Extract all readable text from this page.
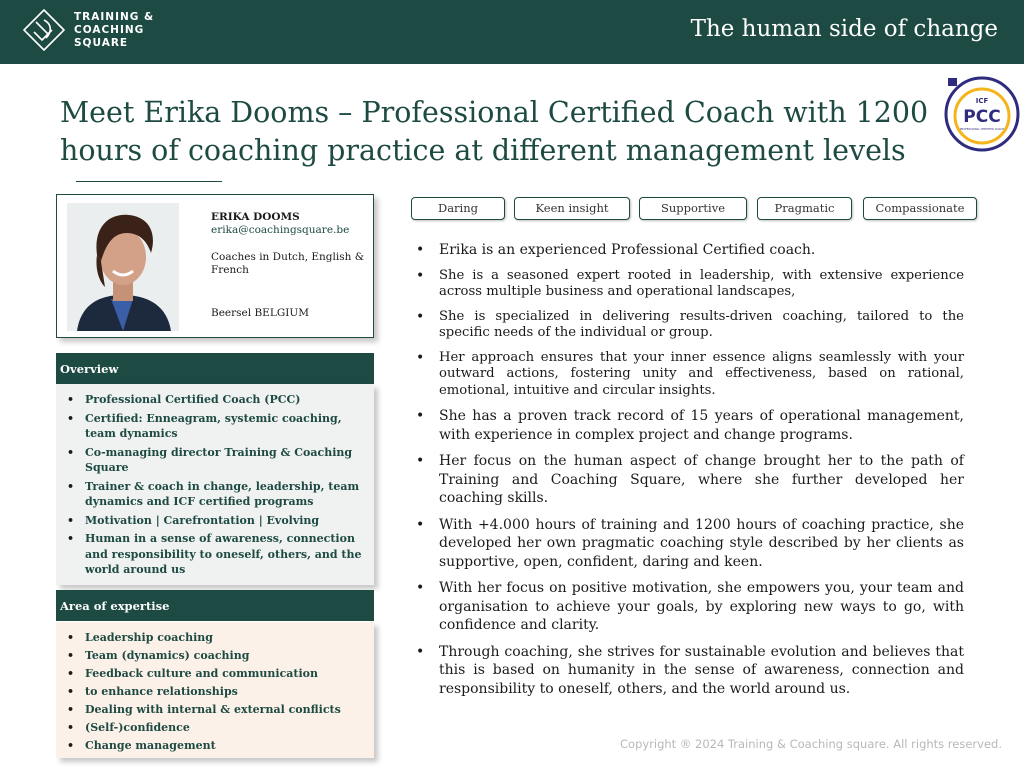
TRAINING &
COACHING
SQUARE
The human side of change
Meet Erika Dooms – Professional Certified Coach with 1200 hours of coaching practice at different management levels
ICF
PCC
PROFESSIONAL CERTIFIED COACH
ERIKA DOOMS
erika@coachingsquare.be
Coaches in Dutch, English & French
Beersel BELGIUM
Overview
• Professional Certified Coach (PCC)
• Certified: Enneagram, systemic coaching, team dynamics
• Co-managing director Training & Coaching Square
• Trainer & coach in change, leadership, team dynamics and ICF certified programs
• Motivation | Carefrontation | Evolving
• Human in a sense of awareness, connection and responsibility to oneself, others, and the world around us
Area of expertise
• Leadership coaching
• Team (dynamics) coaching
• Feedback culture and communication
• to enhance relationships
• Dealing with internal & external conflicts
• (Self-)confidence
• Change management
Daring	Keen insight	Supportive	Pragmatic	Compassionate
• Erika is an experienced Professional Certified coach.
• She is a seasoned expert rooted in leadership, with extensive experience across multiple business and operational landscapes,
• She is specialized in delivering results-driven coaching, tailored to the specific needs of the individual or group.
• Her approach ensures that your inner essence aligns seamlessly with your outward actions, fostering unity and effectiveness, based on rational, emotional, intuitive and circular insights.
• She has a proven track record of 15 years of operational management, with experience in complex project and change programs.
• Her focus on the human aspect of change brought her to the path of Training and Coaching Square, where she further developed her coaching skills.
• With +4.000 hours of training and 1200 hours of coaching practice, she developed her own pragmatic coaching style described by her clients as supportive, open, confident, daring and keen.
• With her focus on positive motivation, she empowers you, your team and organisation to achieve your goals, by exploring new ways to go, with confidence and clarity.
• Through coaching, she strives for sustainable evolution and believes that this is based on humanity in the sense of awareness, connection and responsibility to oneself, others, and the world around us.
Copyright ® 2024 Training & Coaching square. All rights reserved.
